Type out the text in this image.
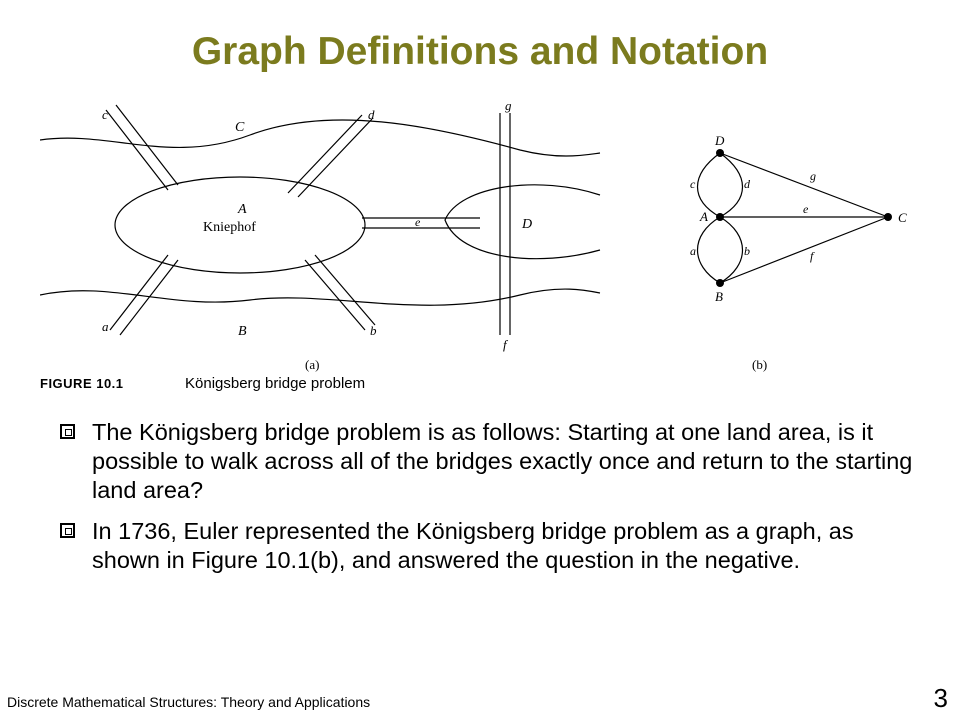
Graph Definitions and Notation
c	d
g
C
A
Kniephof	e	D
a	B	b
f
(a)
D
A
B
C
c	d
a	b
g
e
f
(b)
FIGURE 10.1	Königsberg bridge problem
The Königsberg bridge problem is as follows: Starting at one land area, is it possible to walk across all of the bridges exactly once and return to the starting land area?
In 1736, Euler represented the Königsberg bridge problem as a graph, as shown in Figure 10.1(b), and answered the question in the negative.
Discrete Mathematical Structures: Theory and Applications	3
